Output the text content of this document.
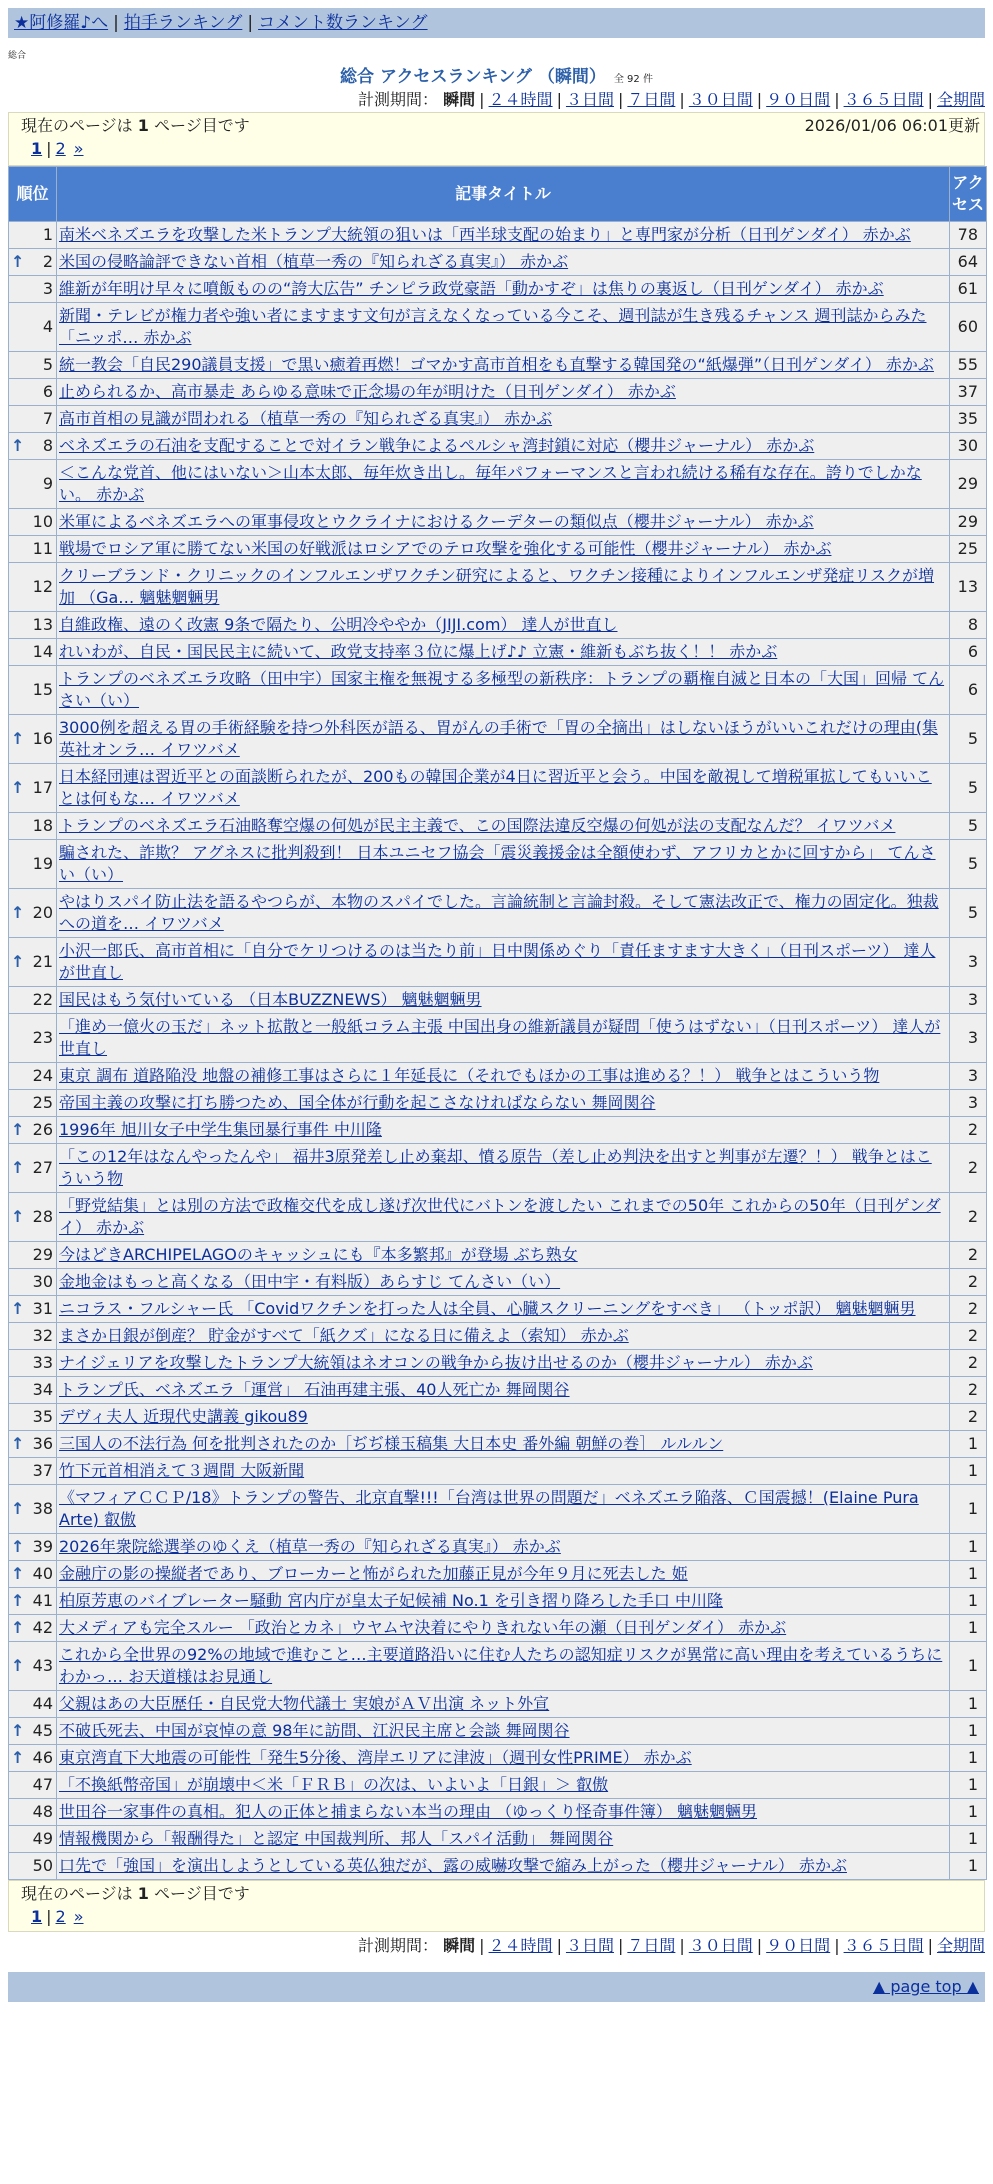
★阿修羅♪へ | 拍手ランキング | コメント数ランキング
総合
総合 アクセスランキング （瞬間） 全 92 件
計測期間： 瞬間 | ２４時間 | ３日間 | ７日間 | ３０日間 | ９０日間 | ３６５日間 | 全期間
現在のページは 1 ページ目です	2026/01/06 06:01更新
1 | 2 »
順位	記事タイトル	アクセス
1	南米ベネズエラを攻撃した米トランプ大統領の狙いは「西半球支配の始まり」と専門家が分析（日刊ゲンダイ） 赤かぶ	78

↑ 2	米国の侵略論評できない首相（植草一秀の『知られざる真実』） 赤かぶ	64
3	維新が年明け早々に噴飯ものの“誇大広告” チンピラ政党豪語「動かすぞ」は焦りの裏返し（日刊ゲンダイ） 赤かぶ	61
4	新聞・テレビが権力者や強い者にますます文句が言えなくなっている今こそ、週刊誌が生き残るチャンス 週刊誌からみた「ニッポ… 赤かぶ	60
5	統一教会「自民290議員支援」で黒い癒着再燃！ゴマかす高市首相をも直撃する韓国発の“紙爆弾”（日刊ゲンダイ） 赤かぶ	55
6	止められるか、高市暴走 あらゆる意味で正念場の年が明けた（日刊ゲンダイ） 赤かぶ	37
7	高市首相の見識が問われる（植草一秀の『知られざる真実』） 赤かぶ	35

↑ 8	ベネズエラの石油を支配することで対イラン戦争によるペルシャ湾封鎖に対応（櫻井ジャーナル） 赤かぶ	30
9	＜こんな党首、他にはいない＞山本太郎、毎年炊き出し。毎年パフォーマンスと言われ続ける稀有な存在。誇りでしかない。 赤かぶ	29
10	米軍によるベネズエラへの軍事侵攻とウクライナにおけるクーデターの類似点（櫻井ジャーナル） 赤かぶ	29
11	戦場でロシア軍に勝てない米国の好戦派はロシアでのテロ攻撃を強化する可能性（櫻井ジャーナル） 赤かぶ	25
12	クリーブランド・クリニックのインフルエンザワクチン研究によると、ワクチン接種によりインフルエンザ発症リスクが増加 （Ga… 魑魅魍魎男	13
13	自維政権、遠のく改憲 9条で隔たり、公明冷ややか（JIJI.com） 達人が世直し	8
14	れいわが、自民・国民民主に続いて、政党支持率３位に爆上げ♪♪ 立憲・維新もぶち抜く！！ 赤かぶ	6
15	トランプのベネズエラ攻略（田中宇）国家主権を無視する多極型の新秩序：トランプの覇権自滅と日本の「大国」回帰 てんさい（い）	6

↑ 16	3000例を超える胃の手術経験を持つ外科医が語る、胃がんの手術で「胃の全摘出」はしないほうがいいこれだけの理由(集英社オンラ… イワツバメ	5

↑ 17	日本経団連は習近平との面談断られたが、200もの韓国企業が4日に習近平と会う。中国を敵視して増税軍拡してもいいことは何もな… イワツバメ	5
18	トランプのベネズエラ石油略奪空爆の何処が民主主義で、この国際法違反空爆の何処が法の支配なんだ？ イワツバメ	5
19	騙された、詐欺？ アグネスに批判殺到！ 日本ユニセフ協会「震災義援金は全額使わず、アフリカとかに回すから」 てんさい（い）	5

↑ 20	やはりスパイ防止法を語るやつらが、本物のスパイでした。言論統制と言論封殺。そして憲法改正で、権力の固定化。独裁への道を… イワツバメ	5

↑ 21	小沢一郎氏、高市首相に「自分でケリつけるのは当たり前」日中関係めぐり「責任ますます大きく」（日刊スポーツ） 達人が世直し	3
22	国民はもう気付いている （日本BUZZNEWS） 魑魅魍魎男	3
23	「進め一億火の玉だ」ネット拡散と一般紙コラム主張 中国出身の維新議員が疑問「使うはずない」（日刊スポーツ） 達人が世直し	3
24	東京 調布 道路陥没 地盤の補修工事はさらに１年延長に（それでもほかの工事は進める？！） 戦争とはこういう物	3
25	帝国主義の攻撃に打ち勝つため、国全体が行動を起こさなければならない 舞岡関谷	3

↑ 26	1996年 旭川女子中学生集団暴行事件 中川隆	2

↑ 27	「この12年はなんやったんや」 福井3原発差し止め棄却、憤る原告（差し止め判決を出すと判事が左遷？！） 戦争とはこういう物	2

↑ 28	「野党結集」とは別の方法で政権交代を成し遂げ次世代にバトンを渡したい これまでの50年 これからの50年（日刊ゲンダイ） 赤かぶ	2
29	今はどきARCHIPELAGOのキャッシュにも『本多繁邦』が登場 ぶち熟女	2
30	金地金はもっと高くなる（田中宇・有料版）あらすじ てんさい（い）	2

↑ 31	ニコラス・フルシャー氏 「Covidワクチンを打った人は全員、心臓スクリーニングをすべき」 （トッポ訳） 魑魅魍魎男	2
32	まさか日銀が倒産？ 貯金がすべて「紙クズ」になる日に備えよ（索知） 赤かぶ	2
33	ナイジェリアを攻撃したトランプ大統領はネオコンの戦争から抜け出せるのか（櫻井ジャーナル） 赤かぶ	2
34	トランプ氏、ベネズエラ「運営」 石油再建主張、40人死亡か 舞岡関谷	2
35	デヴィ夫人 近現代史講義 gikou89	2

↑ 36	三国人の不法行為 何を批判されたのか［ぢぢ様玉稿集 大日本史 番外編 朝鮮の巻］ ルルルン	1
37	竹下元首相消えて３週間 大阪新聞	1

↑ 38	《マフィアＣＣＰ/18》トランプの警告、北京直撃!!!「台湾は世界の問題だ」ベネズエラ陥落、Ｃ国震撼！(Elaine Pura Arte) 叡傲	1

↑ 39	2026年衆院総選挙のゆくえ（植草一秀の『知られざる真実』） 赤かぶ	1

↑ 40	金融庁の影の操縦者であり、ブローカーと怖がられた加藤正見が今年９月に死去した 姫	1

↑ 41	柏原芳恵のバイブレーター騒動 宮内庁が皇太子妃候補 No.1 を引き摺り降ろした手口 中川隆	1

↑ 42	大メディアも完全スルー 「政治とカネ」ウヤムヤ決着にやりきれない年の瀬（日刊ゲンダイ） 赤かぶ	1

↑ 43	これから全世界の92%の地域で進むこと…主要道路沿いに住む人たちの認知症リスクが異常に高い理由を考えているうちにわかっ… お天道様はお見通し	1
44	父親はあの大臣歴任・自民党大物代議士 実娘がＡＶ出演 ネット外宣	1

↑ 45	不破氏死去、中国が哀悼の意 98年に訪問、江沢民主席と会談 舞岡関谷	1

↑ 46	東京湾直下大地震の可能性「発生5分後、湾岸エリアに津波」（週刊女性PRIME） 赤かぶ	1
47	「不換紙幣帝国」が崩壊中＜米「ＦＲＢ」の次は、いよいよ「日銀」＞ 叡傲	1
48	世田谷一家事件の真相。犯人の正体と捕まらない本当の理由 （ゆっくり怪奇事件簿） 魑魅魍魎男	1
49	情報機関から「報酬得た」と認定 中国裁判所、邦人「スパイ活動」 舞岡関谷	1
50	口先で「強国」を演出しようとしている英仏独だが、露の威嚇攻撃で縮み上がった（櫻井ジャーナル） 赤かぶ	1
現在のページは 1 ページ目です
1 | 2 »
計測期間： 瞬間 | ２４時間 | ３日間 | ７日間 | ３０日間 | ９０日間 | ３６５日間 | 全期間
▲ page top ▲
